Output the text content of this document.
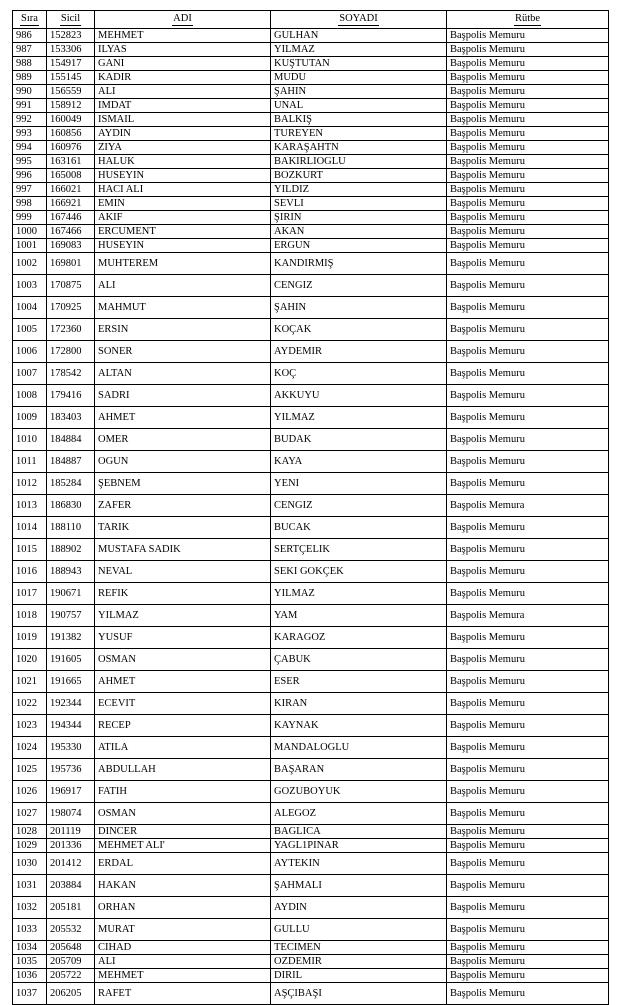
Sıra	Sicil	ADI	SOYADI	Rütbe
986	152823	MEHMET	GULHAN	Başpolis Memuru
987	153306	ILYAS	YILMAZ	Başpolis Memuru
988	154917	GANI	KUŞTUTAN	Başpolis Memuru
989	155145	KADIR	MUDU	Başpolis Memuru
990	156559	ALI	ŞAHIN	Başpolis Memuru
991	158912	IMDAT	UNAL	Başpolis Memuru
992	160049	ISMAIL	BALKIŞ	Başpolis Memuru
993	160856	AYDIN	TUREYEN	Başpolis Memuru
994	160976	ZIYA	KARAŞAHTN	Başpolis Memuru
995	163161	HALUK	BAKIRLIOGLU	Başpolis Memuru
996	165008	HUSEYIN	BOZKURT	Başpolis Memuru
997	166021	HACI ALI	YILDIZ	Başpolis Memuru
998	166921	EMIN	SEVLI	Başpolis Memuru
999	167446	AKIF	ŞIRIN	Başpolis Memuru
1000	167466	ERCUMENT	AKAN	Başpolis Memuru
1001	169083	HUSEYIN	ERGUN	Başpolis Memuru
1002	169801	MUHTEREM	KANDIRMIŞ	Başpolis Memuru
1003	170875	ALI	CENGIZ	Başpolis Memuru
1004	170925	MAHMUT	ŞAHIN	Başpolis Memuru
1005	172360	ERSIN	KOÇAK	Başpolis Memuru
1006	172800	SONER	AYDEMIR	Başpolis Memuru
1007	178542	ALTAN	KOÇ	Başpolis Memuru
1008	179416	SADRI	AKKUYU	Başpolis Memuru
1009	183403	AHMET	YILMAZ	Başpolis Memuru
1010	184884	OMER	BUDAK	Başpolis Memuru
1011	184887	OGUN	KAYA	Başpolis Memuru
1012	185284	ŞEBNEM	YENI	Başpolis Memuru
1013	186830	ZAFER	CENGIZ	Başpolis Memura
1014	188110	TARIK	BUCAK	Başpolis Memuru
1015	188902	MUSTAFA SADIK	SERTÇELIK	Başpolis Memuru
1016	188943	NEVAL	SEKI GOKÇEK	Başpolis Memuru
1017	190671	REFIK	YILMAZ	Başpolis Memuru
1018	190757	YILMAZ	YAM	Başpolis Memura
1019	191382	YUSUF	KARAGOZ	Başpolis Memuru
1020	191605	OSMAN	ÇABUK	Başpolis Memuru
1021	191665	AHMET	ESER	Başpolis Memuru
1022	192344	ECEVIT	KIRAN	Başpolis Memuru
1023	194344	RECEP	KAYNAK	Başpolis Memuru
1024	195330	ATILA	MANDALOGLU	Başpolis Memuru
1025	195736	ABDULLAH	BAŞARAN	Başpolis Memuru
1026	196917	FATIH	GOZUBOYUK	Başpolis Memuru
1027	198074	OSMAN	ALEGOZ	Başpolis Memuru
1028	201119	DINCER	BAGLICA	Başpolis Memuru
1029	201336	MEHMET ALI'	YAGL1PINAR	Başpolis Memuru
1030	201412	ERDAL	AYTEKIN	Başpolis Memuru
1031	203884	HAKAN	ŞAHMALI	Başpolis Memuru
1032	205181	ORHAN	AYDIN	Başpolis Memuru
1033	205532	MURAT	GULLU	Başpolis Memuru
1034	205648	CIHAD	TECIMEN	Başpolis Memuru
1035	205709	ALI	OZDEMIR	Başpolis Memuru
1036	205722	MEHMET	DIRIL	Başpolis Memuru
1037	206205	RAFET	AŞÇIBAŞI	Başpolis Memuru
